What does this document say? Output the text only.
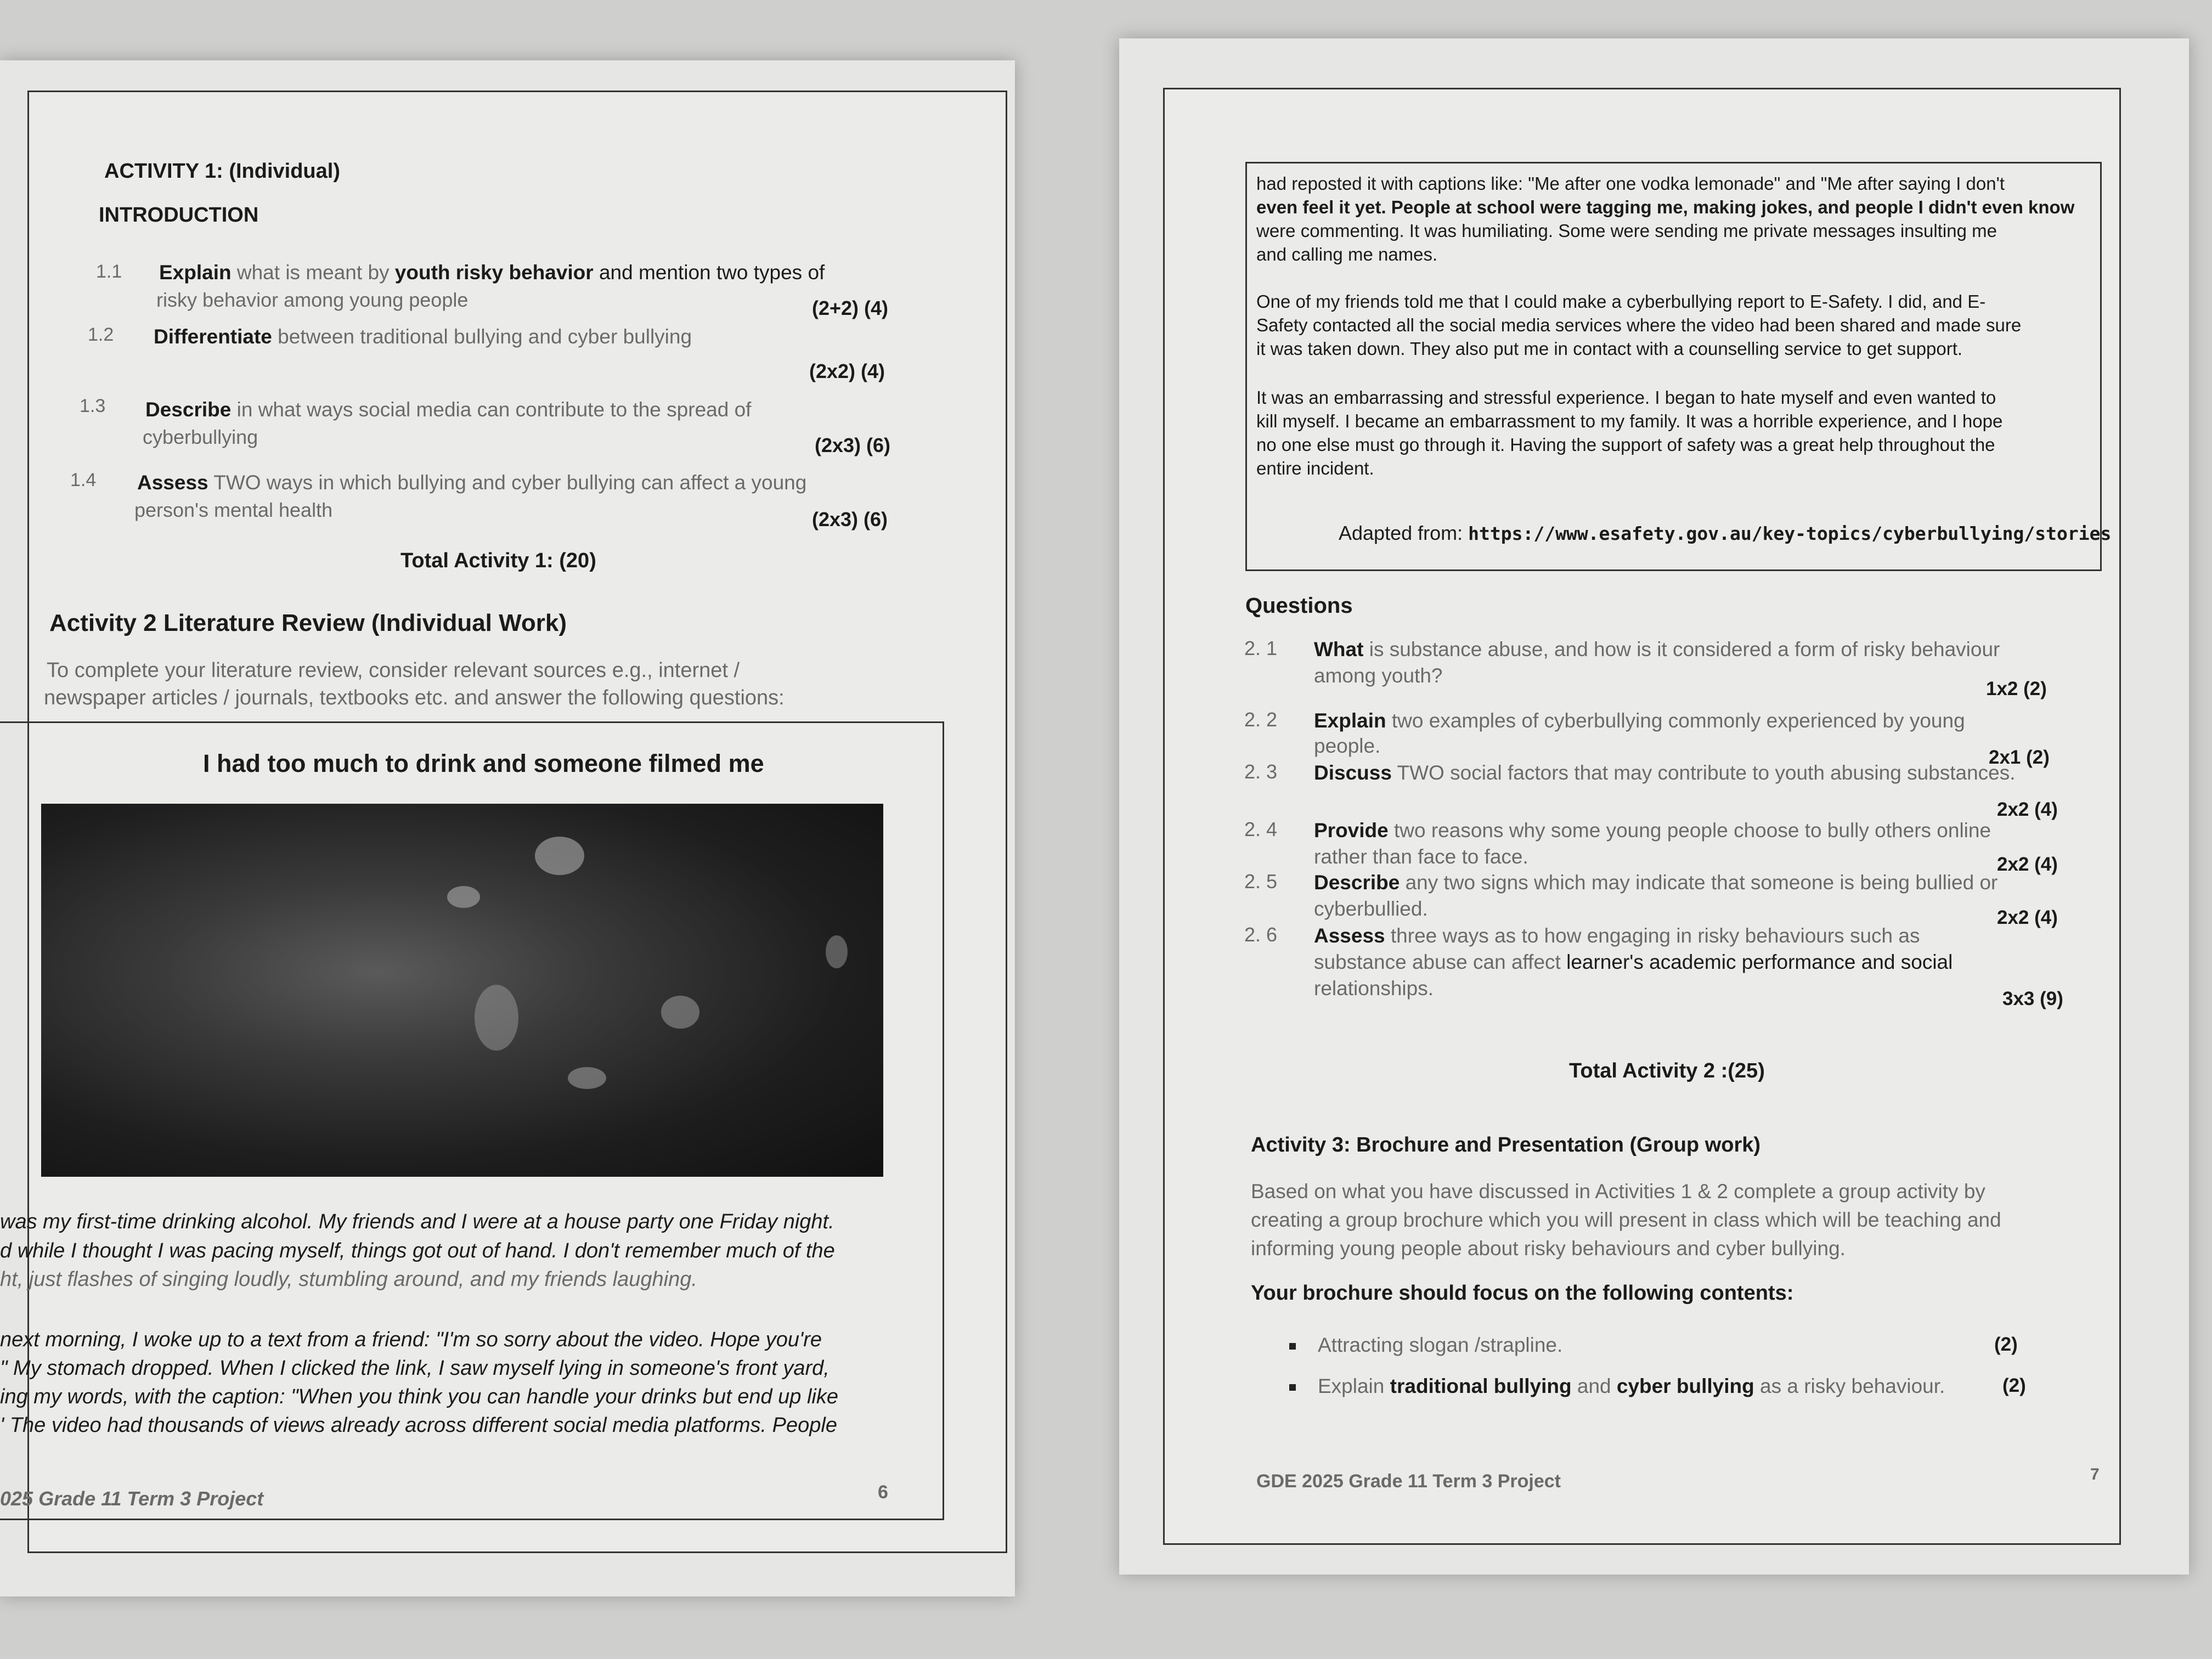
ACTIVITY 1: (Individual)
INTRODUCTION
1.1 Explain what is meant by youth risky behavior and mention two types of
risky behavior among young people	(2+2) (4)
1.2 Differentiate between traditional bullying and cyber bullying
(2x2) (4)
1.3 Describe in what ways social media can contribute to the spread of
cyberbullying	(2x3) (6)
1.4 Assess TWO ways in which bullying and cyber bullying can affect a young
person's mental health	(2x3) (6)
Total Activity 1: (20)
Activity 2 Literature Review (Individual Work)
To complete your literature review, consider relevant sources e.g., internet /
newspaper articles / journals, textbooks etc. and answer the following questions:
I had too much to drink and someone filmed me
was my first-time drinking alcohol. My friends and I were at a house party one Friday night.
d while I thought I was pacing myself, things got out of hand. I don't remember much of the
ht, just flashes of singing loudly, stumbling around, and my friends laughing.
next morning, I woke up to a text from a friend: "I'm so sorry about the video. Hope you're
" My stomach dropped. When I clicked the link, I saw myself lying in someone's front yard,
ing my words, with the caption: "When you think you can handle your drinks but end up like
' The video had thousands of views already across different social media platforms. People
025 Grade 11 Term 3 Project	6
had reposted it with captions like: "Me after one vodka lemonade" and "Me after saying I don't
even feel it yet. People at school were tagging me, making jokes, and people I didn't even know
were commenting. It was humiliating. Some were sending me private messages insulting me
and calling me names.
One of my friends told me that I could make a cyberbullying report to E-Safety. I did, and E-
Safety contacted all the social media services where the video had been shared and made sure
it was taken down. They also put me in contact with a counselling service to get support.
It was an embarrassing and stressful experience. I began to hate myself and even wanted to
kill myself. I became an embarrassment to my family. It was a horrible experience, and I hope
no one else must go through it. Having the support of safety was a great help throughout the
entire incident.
Adapted from: https://www.esafety.gov.au/key-topics/cyberbullying/stories
Questions
2. 1 What is substance abuse, and how is it considered a form of risky behaviour
among youth?
1x2 (2)
2. 2 Explain two examples of cyberbullying commonly experienced by young
people.
2x1 (2)
2. 3 Discuss TWO social factors that may contribute to youth abusing substances.
2x2 (4)
2. 4 Provide two reasons why some young people choose to bully others online
rather than face to face.	2x2 (4)
2. 5 Describe any two signs which may indicate that someone is being bullied or
cyberbullied.	2x2 (4)
2. 6 Assess three ways as to how engaging in risky behaviours such as
substance abuse can affect learner's academic performance and social
relationships.	3x3 (9)
Total Activity 2 :(25)
Activity 3: Brochure and Presentation (Group work)
Based on what you have discussed in Activities 1 & 2 complete a group activity by
creating a group brochure which you will present in class which will be teaching and
informing young people about risky behaviours and cyber bullying.
Your brochure should focus on the following contents:
Attracting slogan /strapline.	(2)
Explain traditional bullying and cyber bullying as a risky behaviour.	(2)
GDE 2025 Grade 11 Term 3 Project	7
